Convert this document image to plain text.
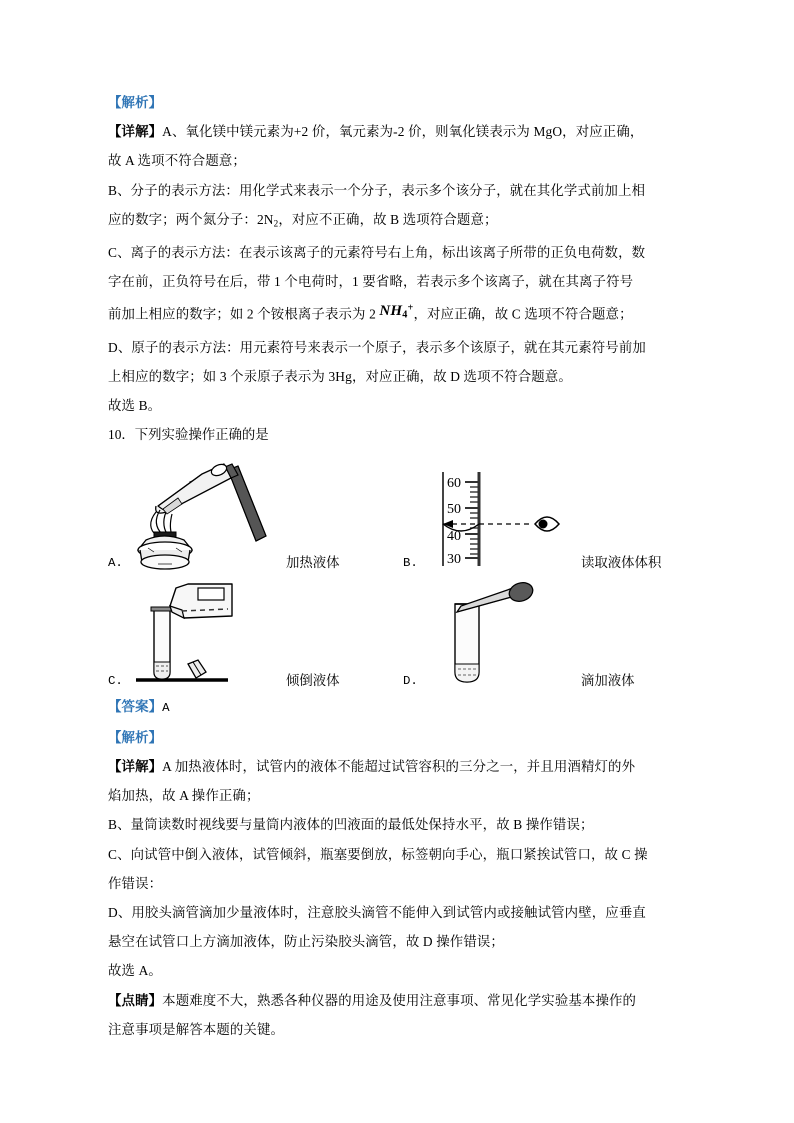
【解析】

【详解】A、氧化镁中镁元素为+2 价，氧元素为-2 价，则氧化镁表示为 MgO，对应正确，

故 A 选项不符合题意；

B、分子的表示方法：用化学式来表示一个分子，表示多个该分子，就在其化学式前加上相

应的数字；两个氮分子：$2N_2$，对应不正确，故 B 选项符合题意；

C、离子的表示方法：在表示该离子的元素符号右上角，标出该离子所带的正负电荷数，数

字在前，正负符号在后，带 1 个电荷时，1 要省略，若表示多个该离子，就在其离子符号

前加上相应的数字；如 2 个铵根离子表示为 2 $NH_4^+$，对应正确，故 C 选项不符合题意；

D、原子的表示方法：用元素符号来表示一个原子，表示多个该原子，就在其元素符号前加

上相应的数字；如 3 个汞原子表示为 3Hg，对应正确，故 D 选项不符合题意。

故选 B。

10．下列实验操作正确的是

A.	加热液体	B.
60
50
40
30	读取液体体积
C.	倾倒液体	D.	滴加液体

【答案】A

【解析】

【详解】A 加热液体时，试管内的液体不能超过试管容积的三分之一，并且用酒精灯的外

焰加热，故 A 操作正确；

B、量筒读数时视线要与量筒内液体的凹液面的最低处保持水平，故 B 操作错误；

C、向试管中倒入液体，试管倾斜，瓶塞要倒放，标签朝向手心，瓶口紧挨试管口，故 C 操

作错误：

D、用胶头滴管滴加少量液体时，注意胶头滴管不能伸入到试管内或接触试管内壁，应垂直

悬空在试管口上方滴加液体，防止污染胶头滴管，故 D 操作错误；

故选 A。

【点睛】本题难度不大，熟悉各种仪器的用途及使用注意事项、常见化学实验基本操作的

注意事项是解答本题的关键。
